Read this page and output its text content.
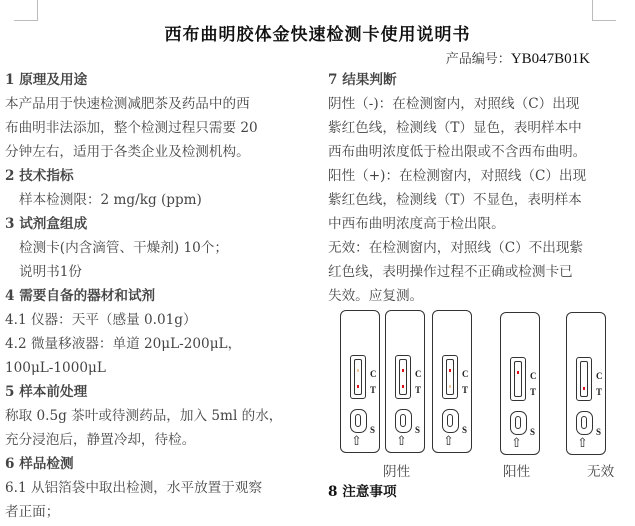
西布曲明胶体金快速检测卡使用说明书
产品编号：YB047B01K
1 原理及用途
本产品用于快速检测减肥茶及药品中的西
布曲明非法添加，整个检测过程只需要 20
分钟左右，适用于各类企业及检测机构。
2 技术指标
样本检测限：2 mg/kg (ppm)
3 试剂盒组成
检测卡(内含滴管、干燥剂) 10个；
说明书1份
4 需要自备的器材和试剂
4.1 仪器：天平（感量 0.01g）
4.2 微量移液器：单道 20μL-200μL，
100μL-1000μL
5 样本前处理
称取 0.5g 茶叶或待测药品，加入 5ml 的水，
充分浸泡后，静置冷却，待检。
6 样品检测
6.1 从铝箔袋中取出检测，水平放置于观察
者正面；
7 结果判断
阴性（-)：在检测窗内，对照线（C）出现
紫红色线，检测线（T）显色，表明样本中
西布曲明浓度低于检出限或不含西布曲明。
阳性（+)：在检测窗内，对照线（C）出现
紫红色线，检测线（T）不显色，表明样本
中西布曲明浓度高于检出限。
无效：在检测窗内，对照线（C）不出现紫
红色线，表明操作过程不正确或检测卡已
失效。应复测。
阴性	阳性	无效
C
T
S
⇧
C
T
S
⇧
C
T
S
⇧
C
T
S
⇧
C
T
S
⇧
8 注意事项
